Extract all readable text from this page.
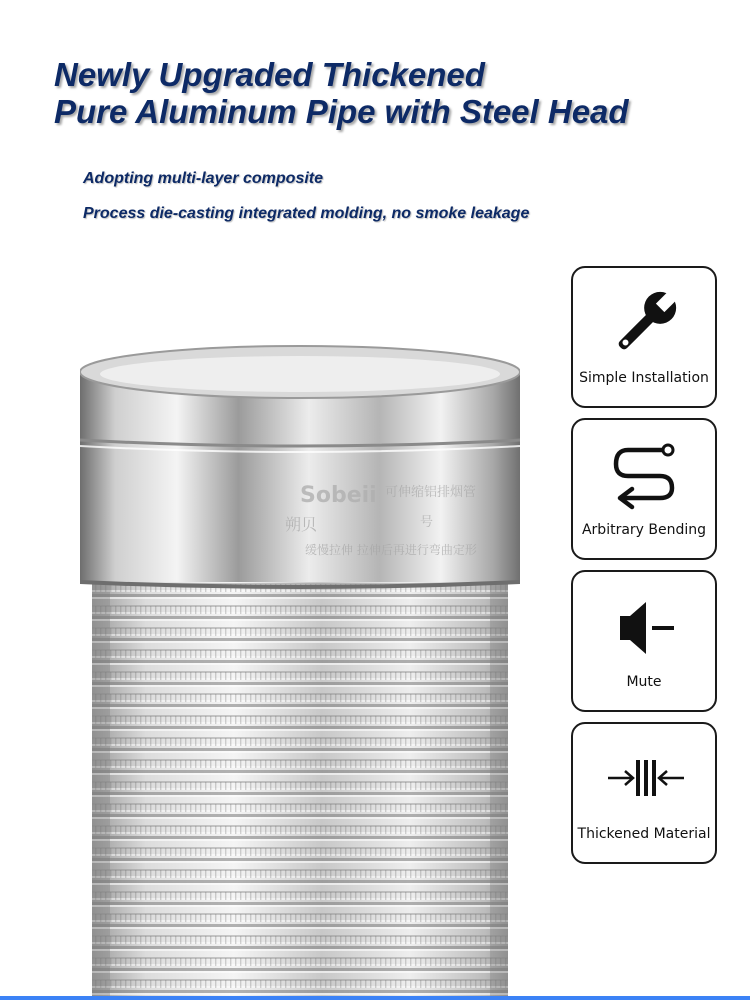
Newly Upgraded Thickened
Pure Aluminum Pipe with Steel Head

Adopting multi-layer composite

Process die-casting integrated molding, no smoke leakage

Sobeii
朔贝
可伸缩铝排烟管
号
缓慢拉伸 拉伸后再进行弯曲定形
Simple Installation
Arbitrary Bending
Mute
Thickened Material
